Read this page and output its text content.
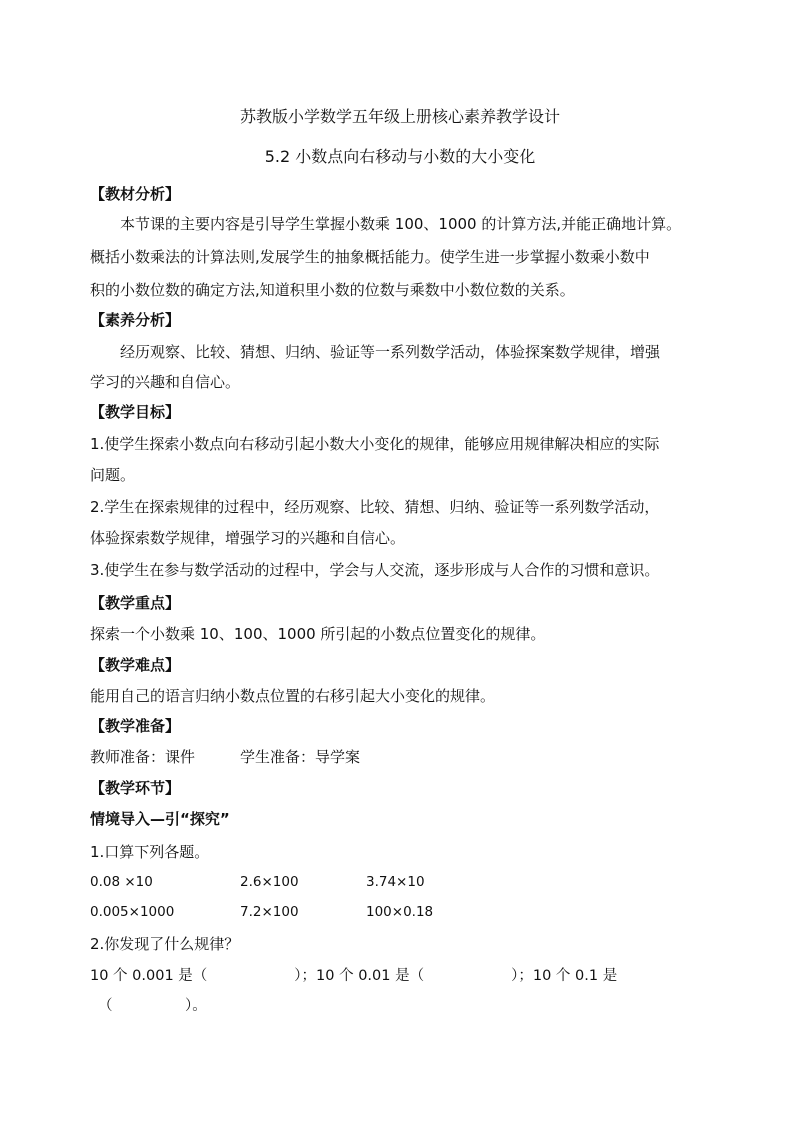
苏教版小学数学五年级上册核心素养教学设计
5.2 小数点向右移动与小数的大小变化
【教材分析】
本节课的主要内容是引导学生掌握小数乘 100、1000 的计算方法,并能正确地计算。
概括小数乘法的计算法则,发展学生的抽象概括能力。使学生进一步掌握小数乘小数中
积的小数位数的确定方法,知道积里小数的位数与乘数中小数位数的关系。
【素养分析】
经历观察、比较、猜想、归纳、验证等一系列数学活动，体验探案数学规律，增强
学习的兴趣和自信心。
【教学目标】
1.使学生探索小数点向右移动引起小数大小变化的规律，能够应用规律解决相应的实际
问题。
2.学生在探索规律的过程中，经历观察、比较、猜想、归纳、验证等一系列数学活动，
体验探索数学规律，增强学习的兴趣和自信心。
3.使学生在参与数学活动的过程中，学会与人交流，逐步形成与人合作的习惯和意识。
【教学重点】
探索一个小数乘 10、100、1000 所引起的小数点位置变化的规律。
【教学难点】
能用自己的语言归纳小数点位置的右移引起大小变化的规律。
【教学准备】
教师准备：课件	学生准备：导学案
【教学环节】
情境导入—引“探究”
1.口算下列各题。
0.08 ×10	2.6×100	3.74×10
0.005×1000	7.2×100	100×0.18
2.你发现了什么规律？
10 个 0.001 是（　　　　　　）；10 个 0.01 是（　　　　　　）；10 个 0.1 是
（　　　　　）。
